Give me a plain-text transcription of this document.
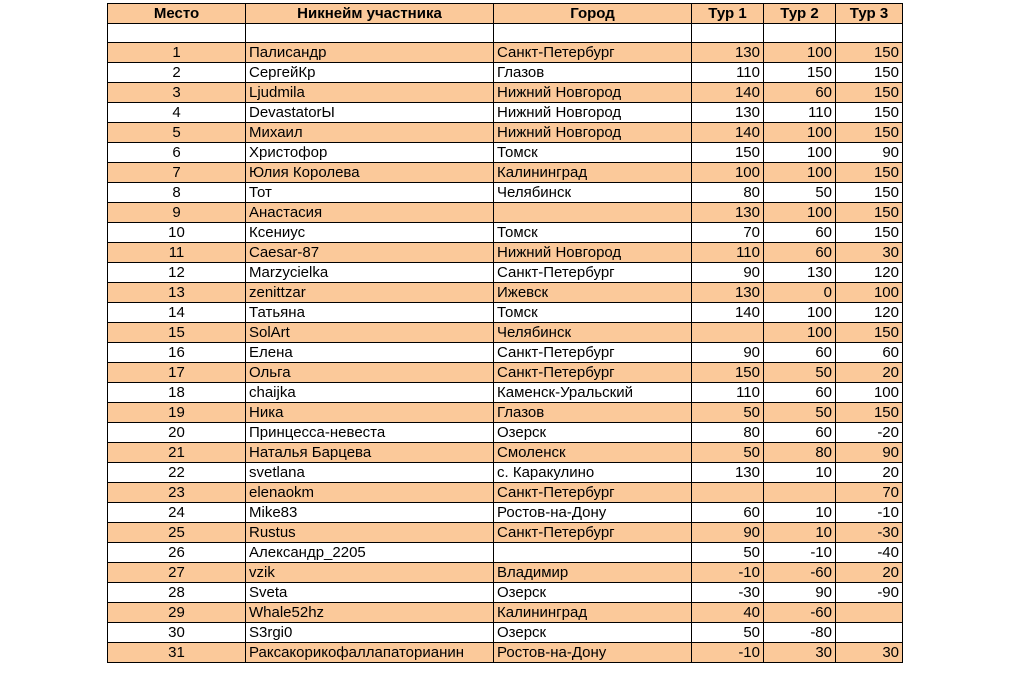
Место	Никнейм участника	Город	Тур 1	Тур 2	Тур 3

1	Палисандр	Санкт-Петербург	130	100	150
2	СергейКр	Глазов	110	150	150
3	Ljudmila	Нижний Новгород	140	60	150
4	DevastatorЫ	Нижний Новгород	130	110	150
5	Михаил	Нижний Новгород	140	100	150
6	Христофор	Томск	150	100	90
7	Юлия Королева	Калининград	100	100	150
8	Тот	Челябинск	80	50	150
9	Анастасия		130	100	150
10	Ксениус	Томск	70	60	150
11	Caesar-87	Нижний Новгород	110	60	30
12	Marzycielka	Санкт-Петербург	90	130	120
13	zenittzar	Ижевск	130	0	100
14	Татьяна	Томск	140	100	120
15	SolArt	Челябинск		100	150
16	Елена	Санкт-Петербург	90	60	60
17	Ольга	Санкт-Петербург	150	50	20
18	chaijka	Каменск-Уральский	110	60	100
19	Ника	Глазов	50	50	150
20	Принцесса-невеста	Озерск	80	60	-20
21	Наталья Барцева	Смоленск	50	80	90
22	svetlana	с. Каракулино	130	10	20
23	elenaokm	Санкт-Петербург			70
24	Mike83	Ростов-на-Дону	60	10	-10
25	Rustus	Санкт-Петербург	90	10	-30
26	Александр_2205		50	-10	-40
27	vzik	Владимир	-10	-60	20
28	Sveta	Озерск	-30	90	-90
29	Whale52hz	Калининград	40	-60	
30	S3rgi0	Озерск	50	-80	
31	Раксакорикофаллапаторианин	Ростов-на-Дону	-10	30	30
